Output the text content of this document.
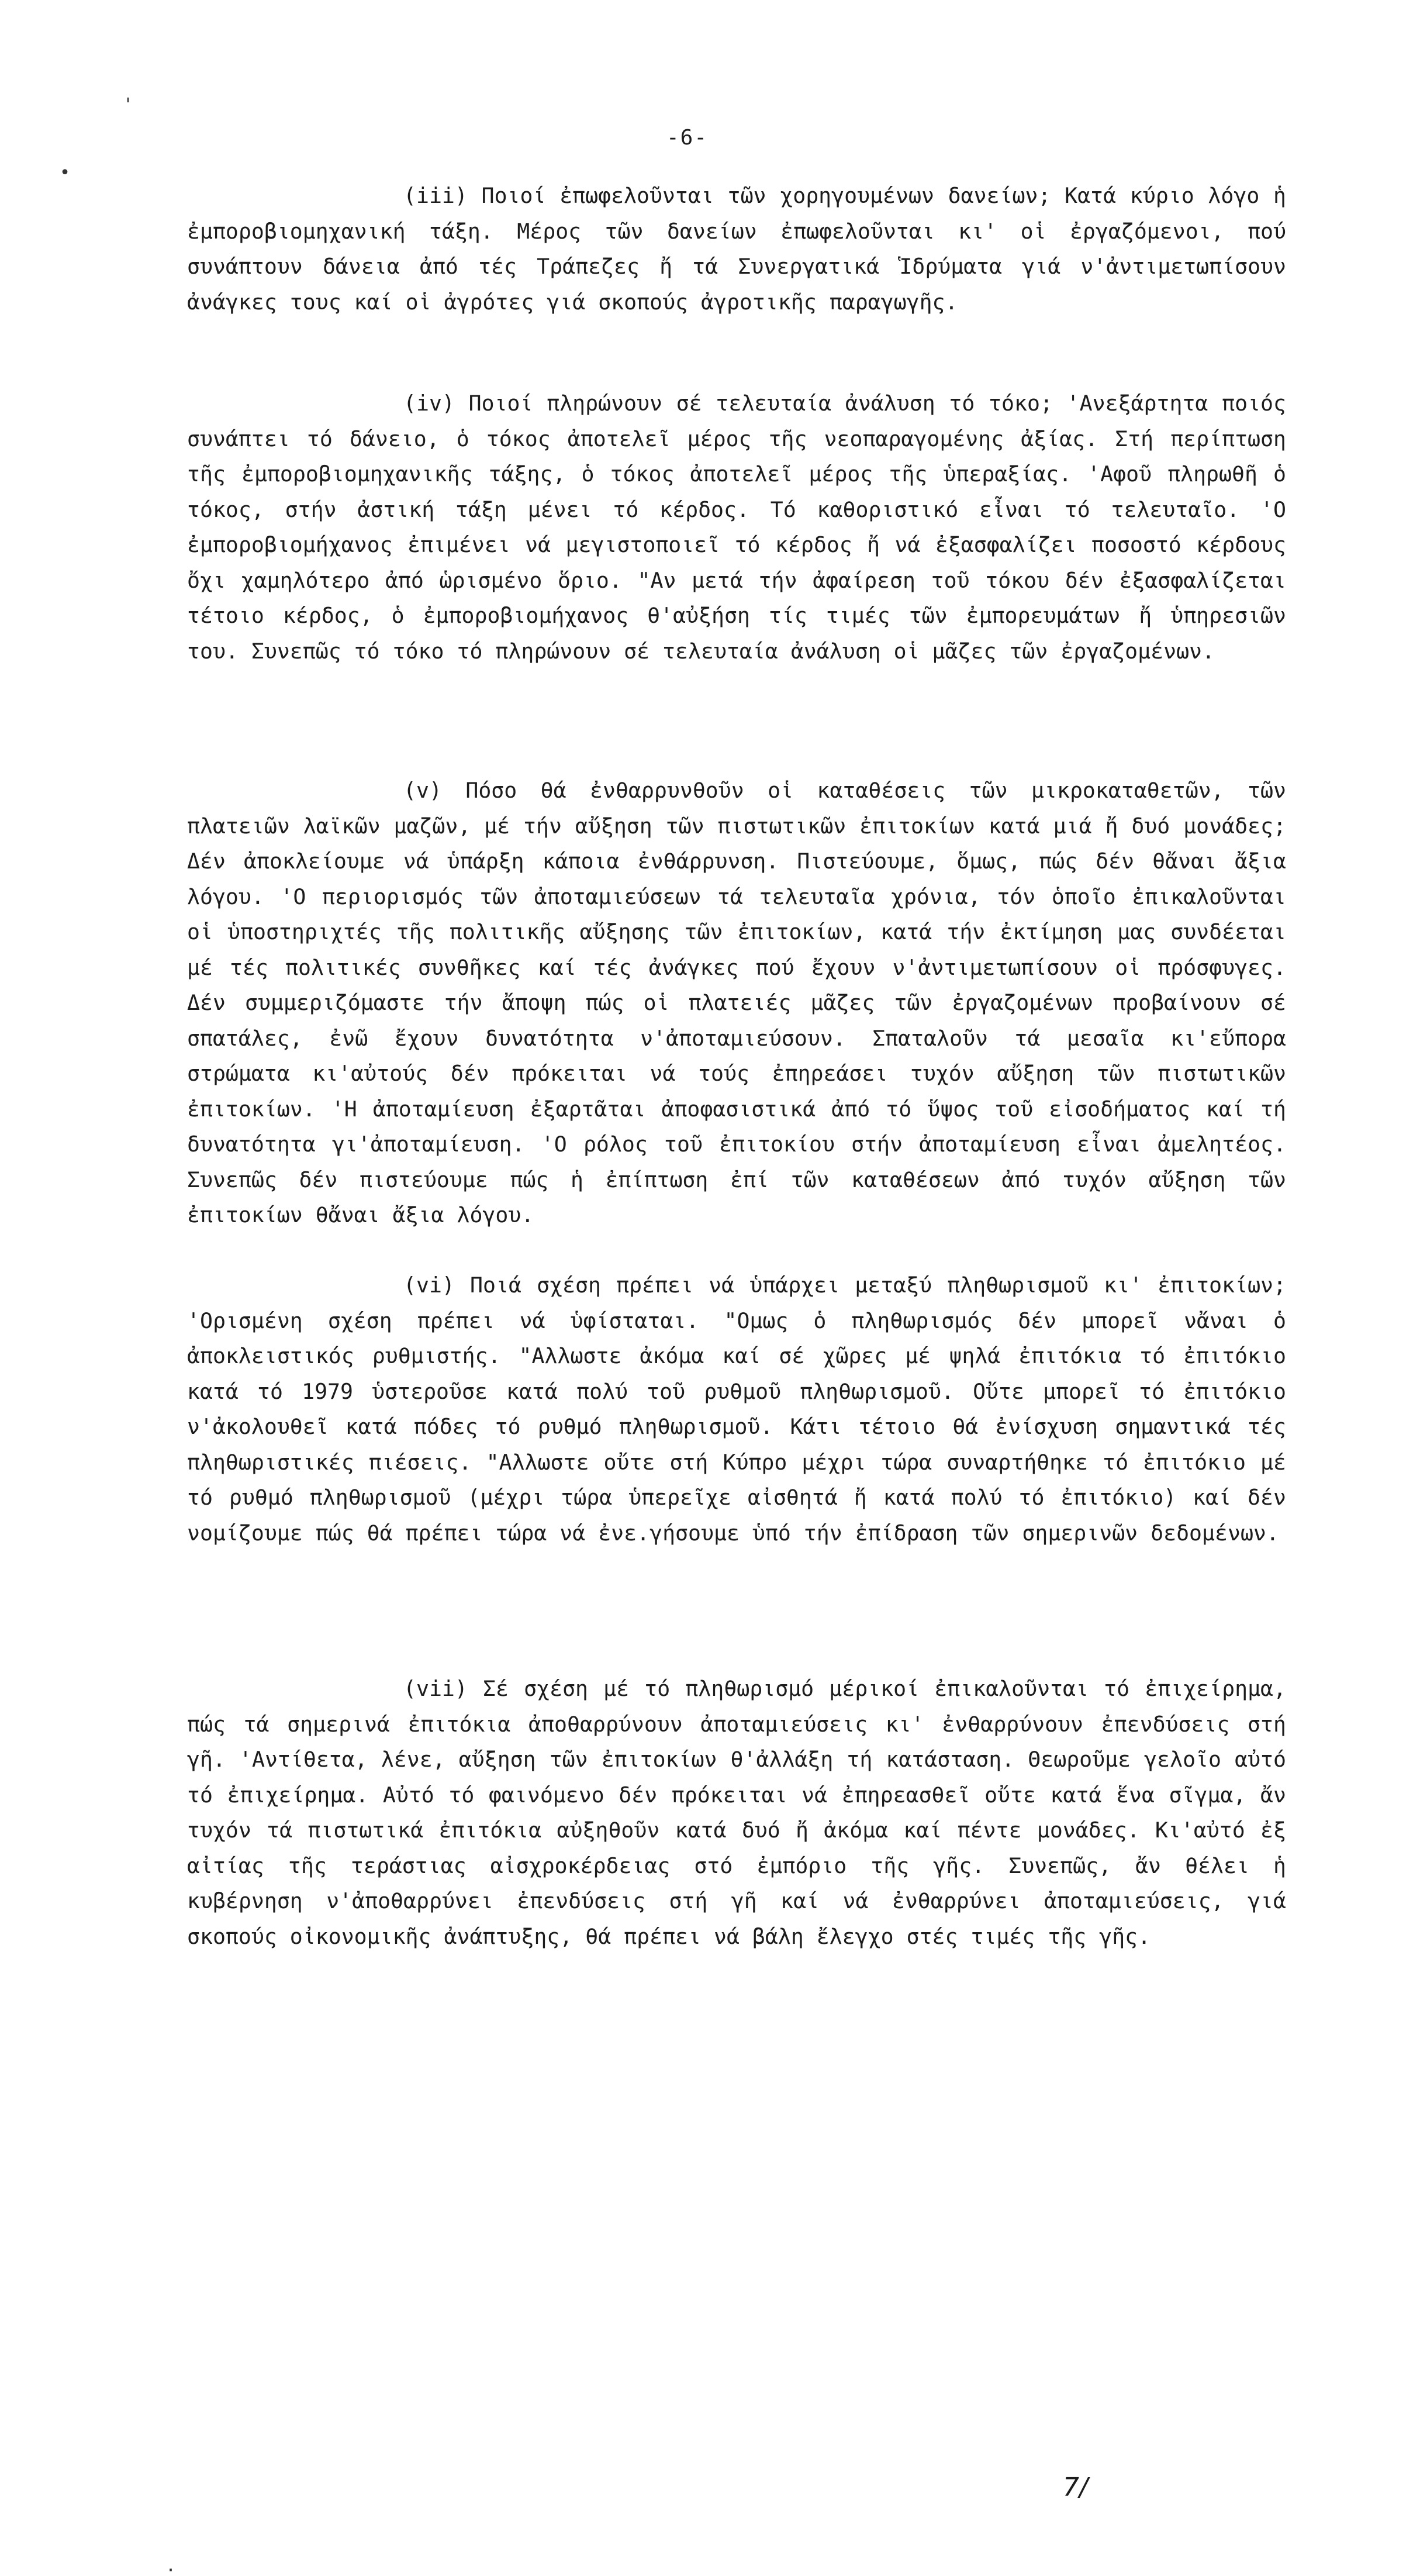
'
•
-6-

(iii) Ποιοί ἐπωφελοῦνται τῶν χορηγουμένων δανείων; Κατά κύριο λόγο ἡ ἐμποροβιομηχανική τάξη. Μέρος τῶν δανείων ἐπωφελοῦνται κι' οἱ ἐργαζόμενοι, πού συνάπτουν δάνεια ἀπό τές Τράπεζες ἤ τά Συνεργατικά Ἱδρύματα γιά ν'ἀντιμετωπίσουν ἀνάγκες τους καί οἱ ἀγρότες γιά σκοπούς ἀγροτικῆς παραγωγῆς.

(iv) Ποιοί πληρώνουν σέ τελευταία ἀνάλυση τό τόκο; 'Ανεξάρτητα ποιός συνάπτει τό δάνειο, ὁ τόκος ἀποτελεῖ μέρος τῆς νεοπαραγομένης ἀξίας. Στή περίπτωση τῆς ἐμποροβιομηχανικῆς τάξης, ὁ τόκος ἀποτελεῖ μέρος τῆς ὑπεραξίας. 'Αφοῦ πληρωθῆ ὁ τόκος, στήν ἀστική τάξη μένει τό κέρδος. Τό καθοριστικό εἶναι τό τελευταῖο. 'Ο ἐμποροβιομήχανος ἐπιμένει νά μεγιστοποιεῖ τό κέρδος ἤ νά ἐξασφαλίζει ποσοστό κέρδους ὄχι χαμηλότερο ἀπό ὡρισμένο ὅριο. "Αν μετά τήν ἀφαίρεση τοῦ τόκου δέν ἐξασφαλίζεται τέτοιο κέρδος, ὁ ἐμποροβιομήχανος θ'αὐξήση τίς τιμές τῶν ἐμπορευμάτων ἤ ὑπηρεσιῶν του. Συνεπῶς τό τόκο τό πληρώνουν σέ τελευταία ἀνάλυση οἱ μᾶζες τῶν ἐργαζομένων.

(v) Πόσο θά ἐνθαρρυνθοῦν οἱ καταθέσεις τῶν μικροκαταθετῶν, τῶν πλατειῶν λαϊκῶν μαζῶν, μέ τήν αὔξηση τῶν πιστωτικῶν ἐπιτοκίων κατά μιά ἤ δυό μονάδες; Δέν ἀποκλείουμε νά ὑπάρξη κάποια ἐνθάρρυνση. Πιστεύουμε, ὅμως, πώς δέν θἄναι ἄξια λόγου. 'Ο περιορισμός τῶν ἀποταμιεύσεων τά τελευταῖα χρόνια, τόν ὁποῖο ἐπικαλοῦνται οἱ ὑποστηριχτές τῆς πολιτικῆς αὔξησης τῶν ἐπιτοκίων, κατά τήν ἐκτίμηση μας συνδέεται μέ τές πολιτικές συνθῆκες καί τές ἀνάγκες πού ἔχουν ν'ἀντιμετωπίσουν οἱ πρόσφυγες. Δέν συμμεριζόμαστε τήν ἄποψη πώς οἱ πλατειές μᾶζες τῶν ἐργαζομένων προβαίνουν σέ σπατάλες, ἐνῶ ἔχουν δυνατότητα ν'ἀποταμιεύσουν. Σπαταλοῦν τά μεσαῖα κι'εὔπορα στρώματα κι'αὐτούς δέν πρόκειται νά τούς ἐπηρεάσει τυχόν αὔξηση τῶν πιστωτικῶν ἐπιτοκίων. 'Η ἀποταμίευση ἐξαρτᾶται ἀποφασιστικά ἀπό τό ὕψος τοῦ εἰσοδήματος καί τή δυνατότητα γι'ἀποταμίευση. 'Ο ρόλος τοῦ ἐπιτοκίου στήν ἀποταμίευση εἶναι ἀμελητέος. Συνεπῶς δέν πιστεύουμε πώς ἡ ἐπίπτωση ἐπί τῶν καταθέσεων ἀπό τυχόν αὔξηση τῶν ἐπιτοκίων θἄναι ἄξια λόγου.

(vi) Ποιά σχέση πρέπει νά ὑπάρχει μεταξύ πληθωρισμοῦ κι' ἐπιτοκίων; 'Ορισμένη σχέση πρέπει νά ὑφίσταται. "Ομως ὁ πληθωρισμός δέν μπορεῖ νἄναι ὁ ἀποκλειστικός ρυθμιστής. "Αλλωστε ἀκόμα καί σέ χῶρες μέ ψηλά ἐπιτόκια τό ἐπιτόκιο κατά τό 1979 ὑστεροῦσε κατά πολύ τοῦ ρυθμοῦ πληθωρισμοῦ. Οὔτε μπορεῖ τό ἐπιτόκιο ν'ἀκολουθεῖ κατά πόδες τό ρυθμό πληθωρισμοῦ. Κάτι τέτοιο θά ἐνίσχυση σημαντικά τές πληθωριστικές πιέσεις. "Αλλωστε οὔτε στή Κύπρο μέχρι τώρα συναρτήθηκε τό ἐπιτόκιο μέ τό ρυθμό πληθωρισμοῦ (μέχρι τώρα ὑπερεῖχε αἰσθητά ἤ κατά πολύ τό ἐπιτόκιο) καί δέν νομίζουμε πώς θά πρέπει τώρα νά ἐνε.γήσουμε ὑπό τήν ἐπίδραση τῶν σημερινῶν δεδομένων.

(vii) Σέ σχέση μέ τό πληθωρισμό μέρικοί ἐπικαλοῦνται τό ἐπιχείρημα, πώς τά σημερινά ἐπιτόκια ἀποθαρρύνουν ἀποταμιεύσεις κι' ἐνθαρρύνουν ἐπενδύσεις στή γῆ. 'Αντίθετα, λένε, αὔξηση τῶν ἐπιτοκίων θ'ἀλλάξη τή κατάσταση. Θεωροῦμε γελοῖο αὐτό τό ἐπιχείρημα. Αὐτό τό φαινόμενο δέν πρόκειται νά ἐπηρεασθεῖ οὔτε κατά ἕνα σῖγμα, ἄν τυχόν τά πιστωτικά ἐπιτόκια αὐξηθοῦν κατά δυό ἤ ἀκόμα καί πέντε μονάδες. Κι'αὐτό ἐξ αἰτίας τῆς τεράστιας αἰσχροκέρδειας στό ἐμπόριο τῆς γῆς. Συνεπῶς, ἄν θέλει ἡ κυβέρνηση ν'ἀποθαρρύνει ἐπενδύσεις στή γῆ καί νά ἐνθαρρύνει ἀποταμιεύσεις, γιά σκοπούς οἰκονομικῆς ἀνάπτυξης, θά πρέπει νά βάλη ἔλεγχο στές τιμές τῆς γῆς.

7/
.
